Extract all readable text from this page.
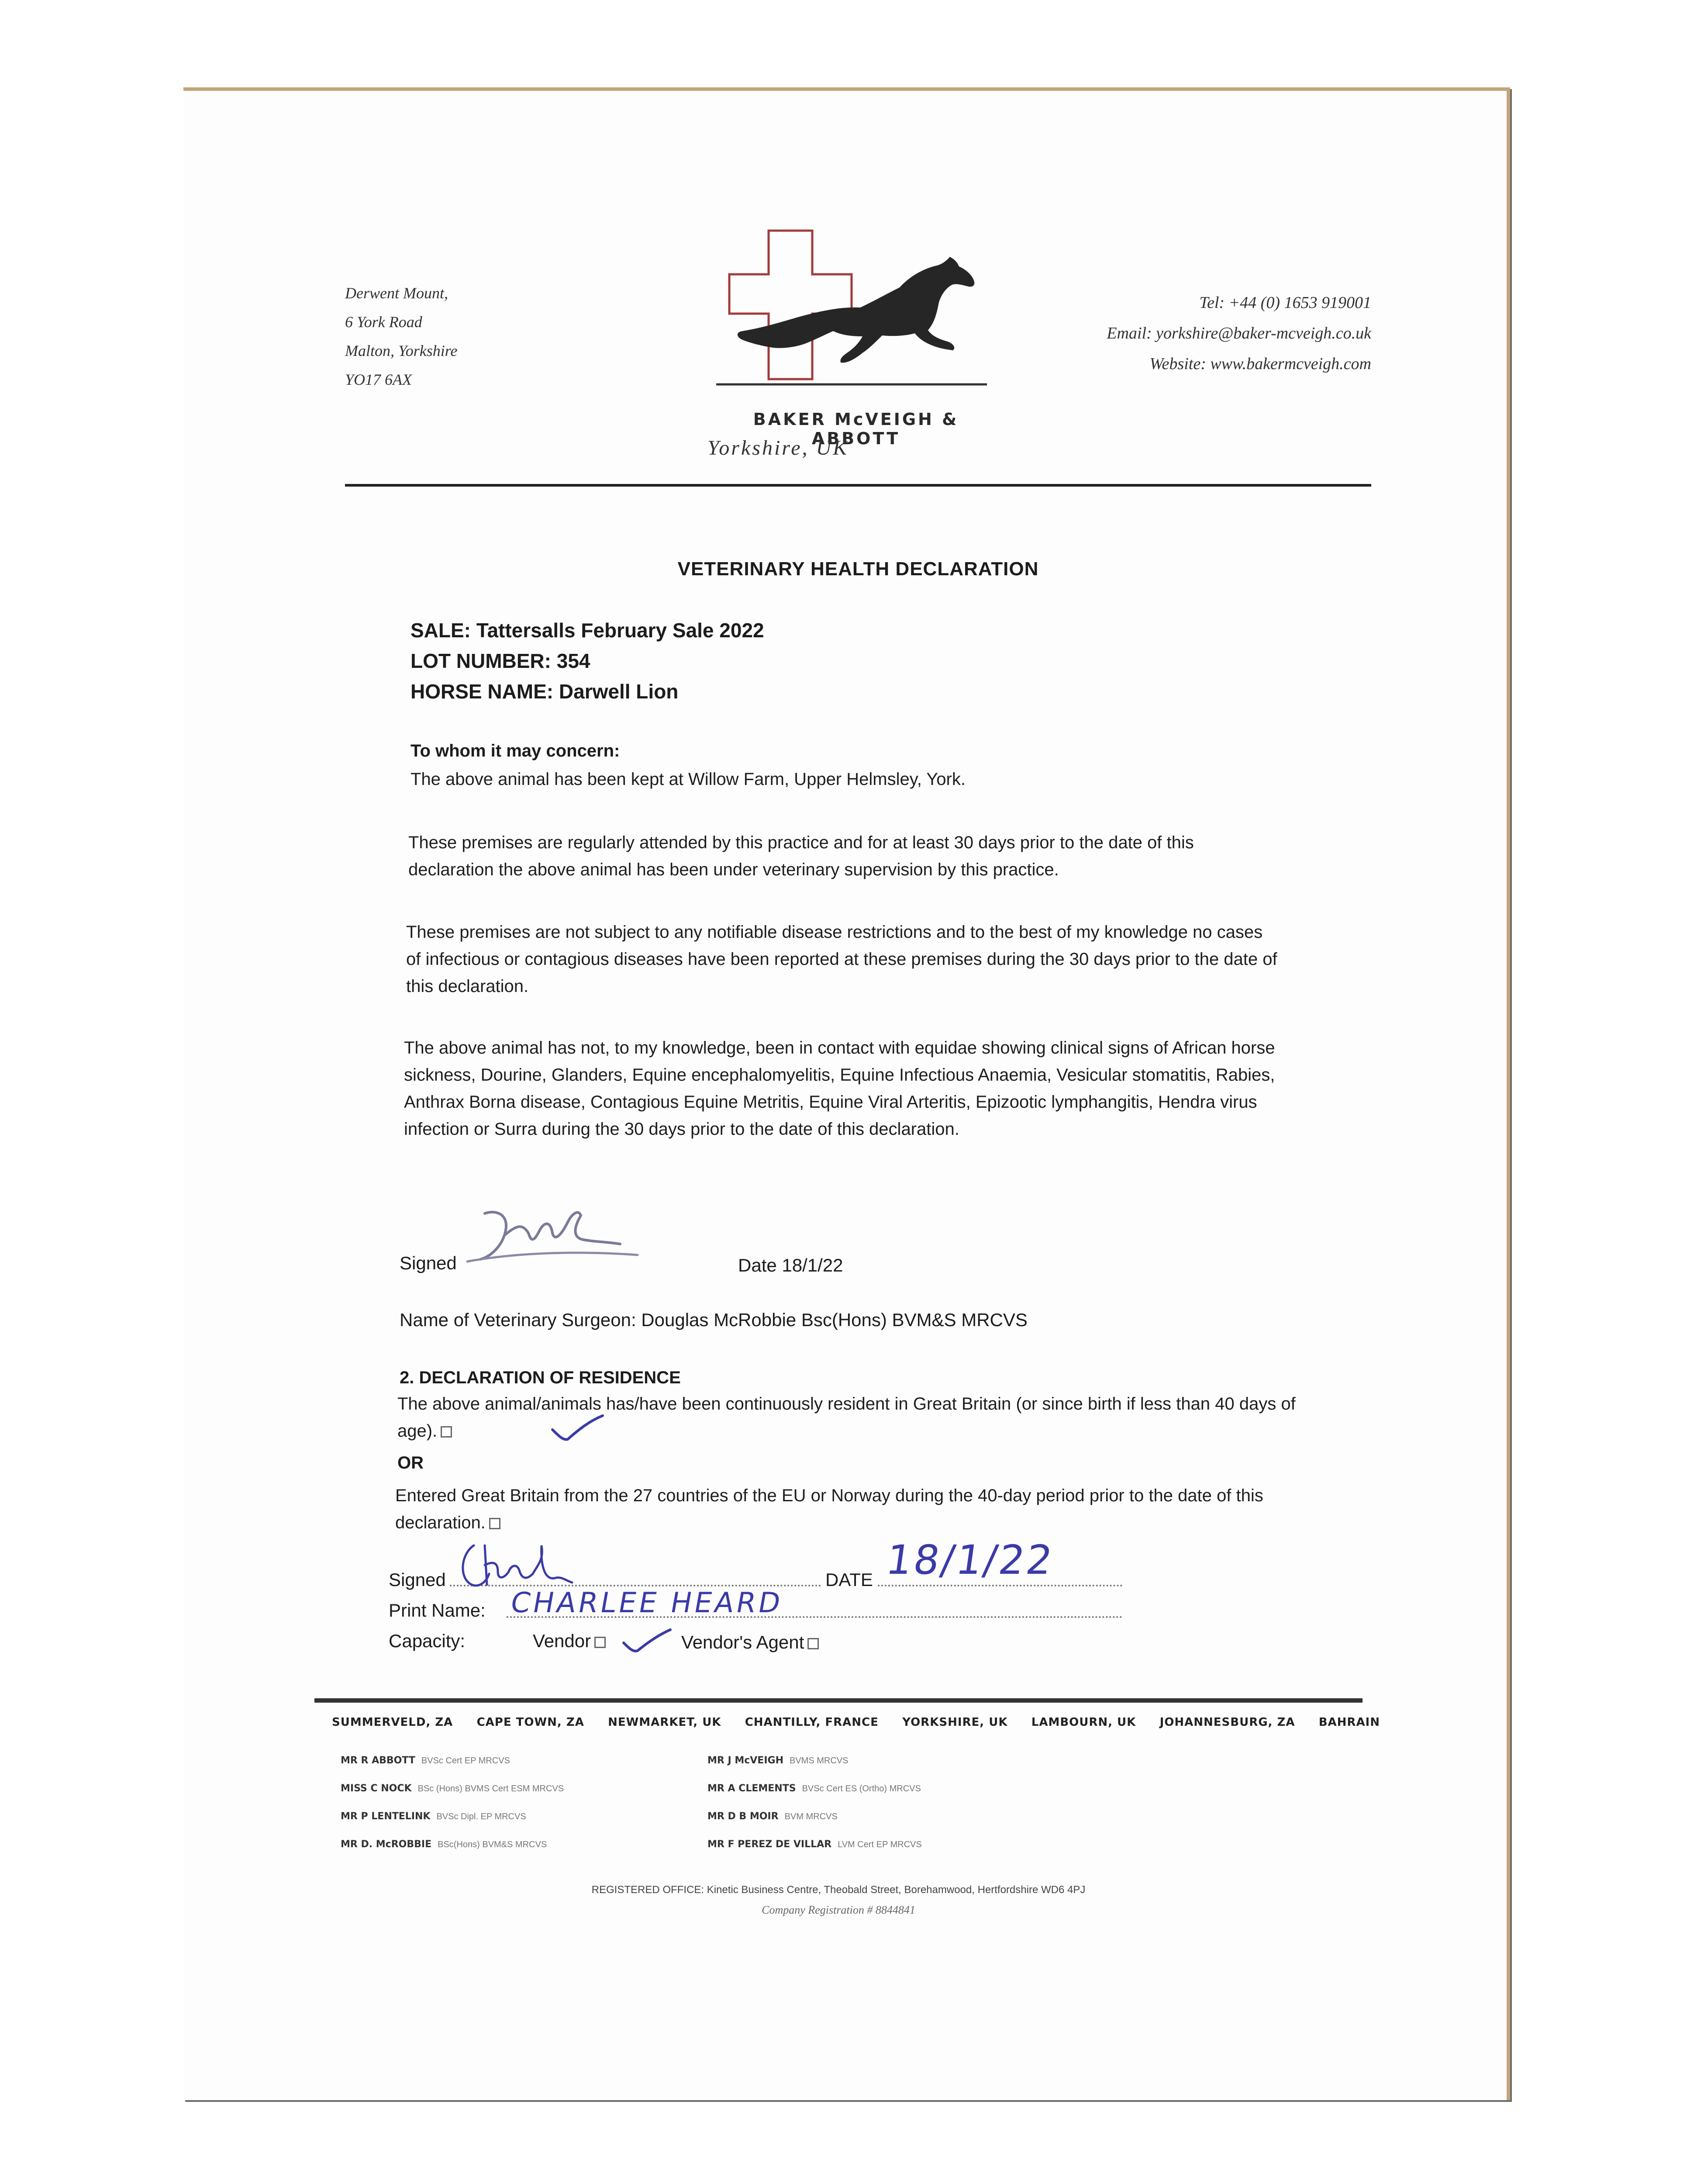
Derwent Mount,
6 York Road
Malton, Yorkshire
YO17 6AX
BAKER McVEIGH & ABBOTT
Yorkshire, UK
Tel: +44 (0) 1653 919001
Email: yorkshire@baker-mcveigh.co.uk
Website: www.bakermcveigh.com
VETERINARY HEALTH DECLARATION
SALE: Tattersalls February Sale 2022
LOT NUMBER: 354
HORSE NAME: Darwell Lion
To whom it may concern:
The above animal has been kept at Willow Farm, Upper Helmsley, York.
These premises are regularly attended by this practice and for at least 30 days prior to the date of this declaration the above animal has been under veterinary supervision by this practice.
These premises are not subject to any notifiable disease restrictions and to the best of my knowledge no cases of infectious or contagious diseases have been reported at these premises during the 30 days prior to the date of this declaration.
The above animal has not, to my knowledge, been in contact with equidae showing clinical signs of African horse sickness, Dourine, Glanders, Equine encephalomyelitis, Equine Infectious Anaemia, Vesicular stomatitis, Rabies, Anthrax Borna disease, Contagious Equine Metritis, Equine Viral Arteritis, Epizootic lymphangitis, Hendra virus infection or Surra during the 30 days prior to the date of this declaration.
Signed	Date 18/1/22
Name of Veterinary Surgeon: Douglas McRobbie Bsc(Hons) BVM&S MRCVS
2. DECLARATION OF RESIDENCE
The above animal/animals has/have been continuously resident in Great Britain (or since birth if less than 40 days of age).
OR
Entered Great Britain from the 27 countries of the EU or Norway during the 40-day period prior to the date of this declaration.
Signed	DATE 18/1/22
Print Name: CHARLEE HEARD
Capacity:	Vendor	Vendor's Agent
SUMMERVELD, ZA CAPE TOWN, ZA NEWMARKET, UK CHANTILLY, FRANCE YORKSHIRE, UK LAMBOURN, UK JOHANNESBURG, ZA BAHRAIN
MR R ABBOTT BVSc Cert EP MRCVS
MISS C NOCK BSc (Hons) BVMS Cert ESM MRCVS
MR P LENTELINK BVSc Dipl. EP MRCVS
MR D. McROBBIE BSc(Hons) BVM&S MRCVS
MR J McVEIGH BVMS MRCVS
MR A CLEMENTS BVSc Cert ES (Ortho) MRCVS
MR D B MOIR BVM MRCVS
MR F PEREZ DE VILLAR LVM Cert EP MRCVS
REGISTERED OFFICE: Kinetic Business Centre, Theobald Street, Borehamwood, Hertfordshire WD6 4PJ
Company Registration # 8844841
